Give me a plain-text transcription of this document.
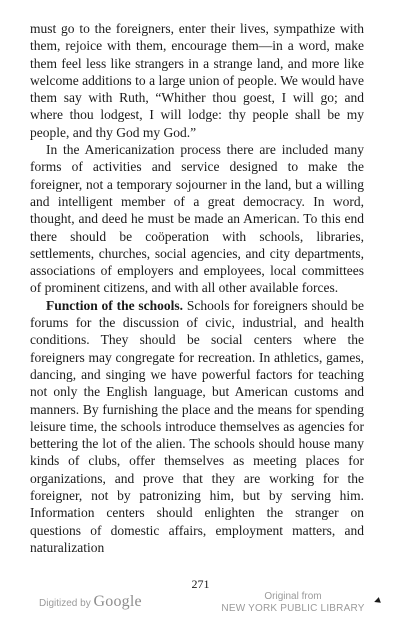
must go to the foreigners, enter their lives, sympathize with them, rejoice with them, encourage them—in a word, make them feel less like strangers in a strange land, and more like welcome additions to a large union of people. We would have them say with Ruth, “Whither thou goest, I will go; and where thou lodgest, I will lodge: thy people shall be my people, and thy God my God.”

In the Americanization process there are included many forms of activities and service designed to make the foreigner, not a temporary sojourner in the land, but a willing and intelligent member of a great democracy. In word, thought, and deed he must be made an American. To this end there should be coöperation with schools, libraries, settlements, churches, social agencies, and city departments, associations of employers and employees, local committees of prominent citizens, and with all other available forces.

Function of the schools. Schools for foreigners should be forums for the discussion of civic, industrial, and health conditions. They should be social centers where the foreigners may congregate for recreation. In athletics, games, dancing, and singing we have powerful factors for teaching not only the English language, but American customs and manners. By furnishing the place and the means for spending leisure time, the schools introduce themselves as agencies for bettering the lot of the alien. The schools should house many kinds of clubs, offer themselves as meeting places for organizations, and prove that they are working for the foreigner, not by patronizing him, but by serving him. Information centers should enlighten the stranger on questions of domestic affairs, employment matters, and naturalization

271
Digitized by Google	Original from
NEW YORK PUBLIC LIBRARY
